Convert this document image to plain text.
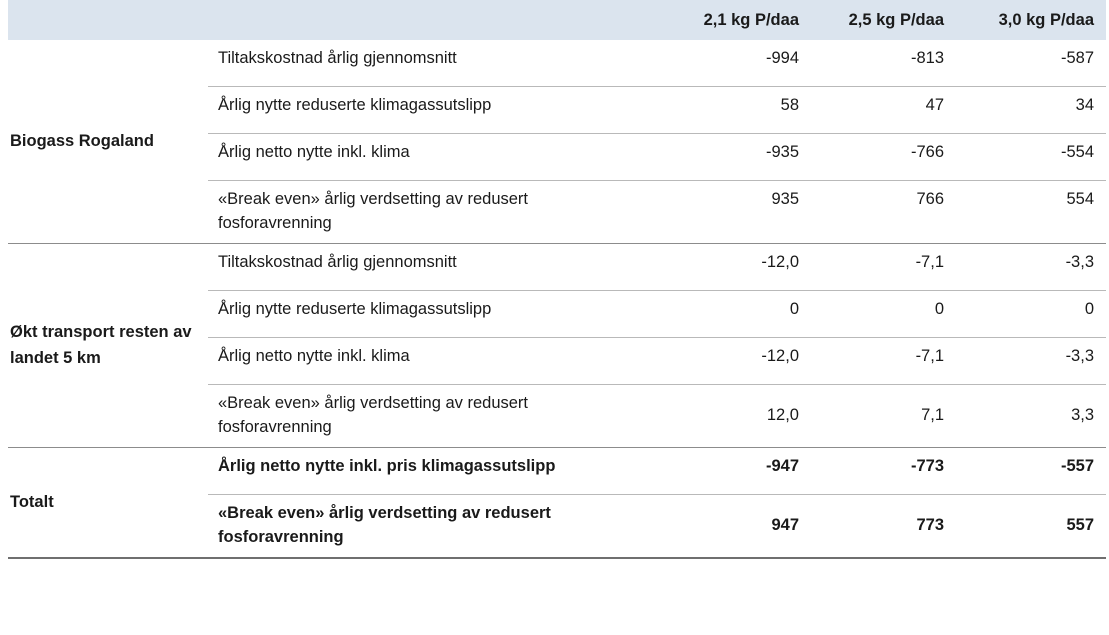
		2,1 kg P/daa	2,5 kg P/daa	3,0 kg P/daa
Biogass Rogaland	Tiltakskostnad årlig gjennomsnitt	-994	-813	-587
	Årlig nytte reduserte klimagassutslipp	58	47	34
	Årlig netto nytte inkl. klima	-935	-766	-554
	«Break even» årlig verdsetting av redusert fosforavrenning	935	766	554
Økt transport resten av landet 5 km	Tiltakskostnad årlig gjennomsnitt	-12,0	-7,1	-3,3
	Årlig nytte reduserte klimagassutslipp	0	0	0
	Årlig netto nytte inkl. klima	-12,0	-7,1	-3,3
	«Break even» årlig verdsetting av redusert fosforavrenning	12,0	7,1	3,3
Totalt	Årlig netto nytte inkl. pris klimagassutslipp	-947	-773	-557
	«Break even» årlig verdsetting av redusert fosforavrenning	947	773	557
